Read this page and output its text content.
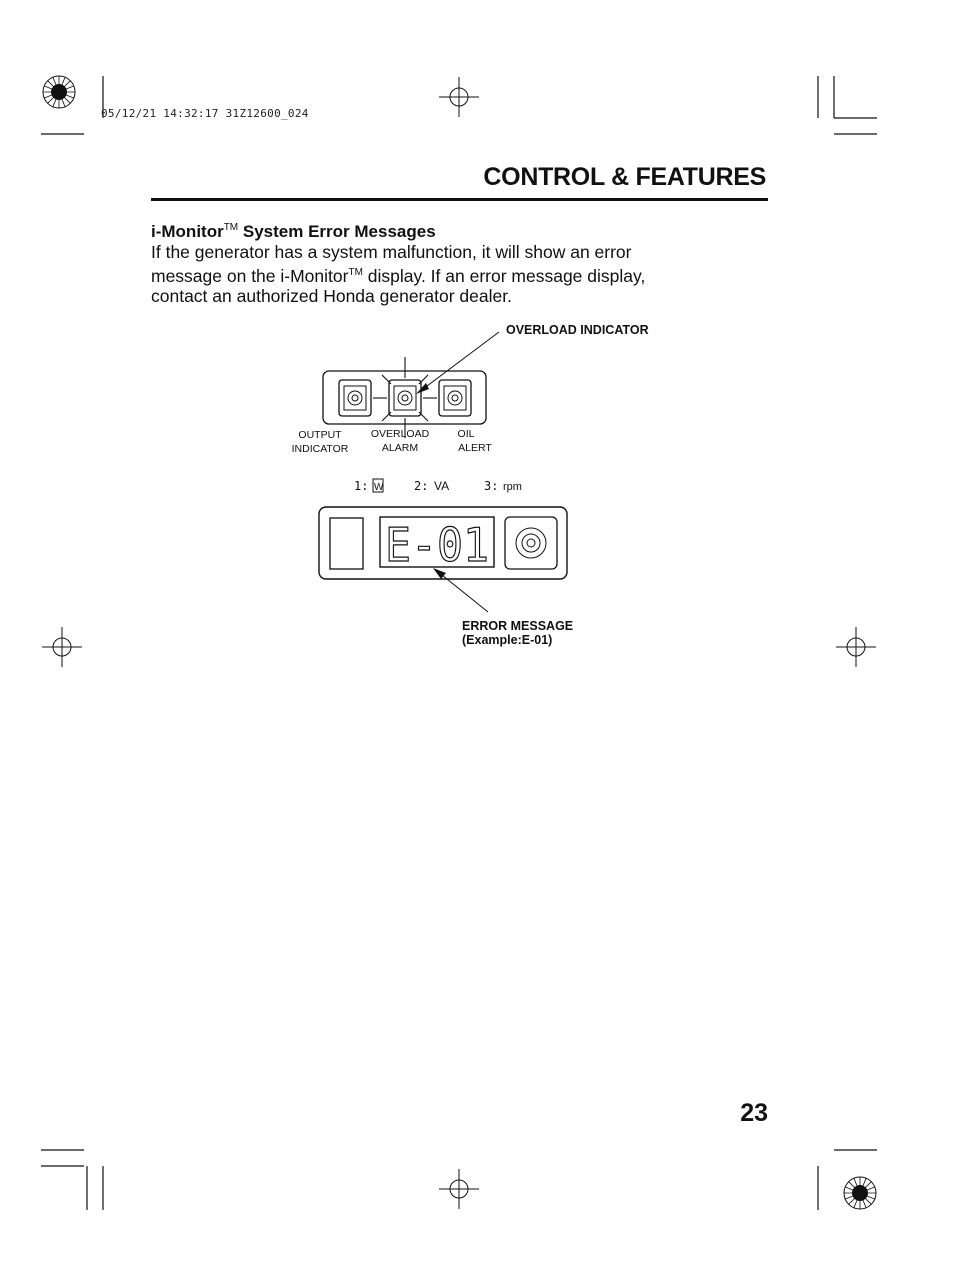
05/12/21 14:32:17 31Z12600_024
CONTROL & FEATURES
i-Monitor™ System Error Messages

If the generator has a system malfunction, it will show an error

message on the i-Monitor™ display. If an error message display,

contact an authorized Honda generator dealer.

OVERLOAD INDICATOR
OUTPUT
INDICATOR
OVERLOAD
ALARM
OIL
ALERT
1: W	2: VA	3: rpm
E-01
ERROR MESSAGE
(Example:E-01)
23
